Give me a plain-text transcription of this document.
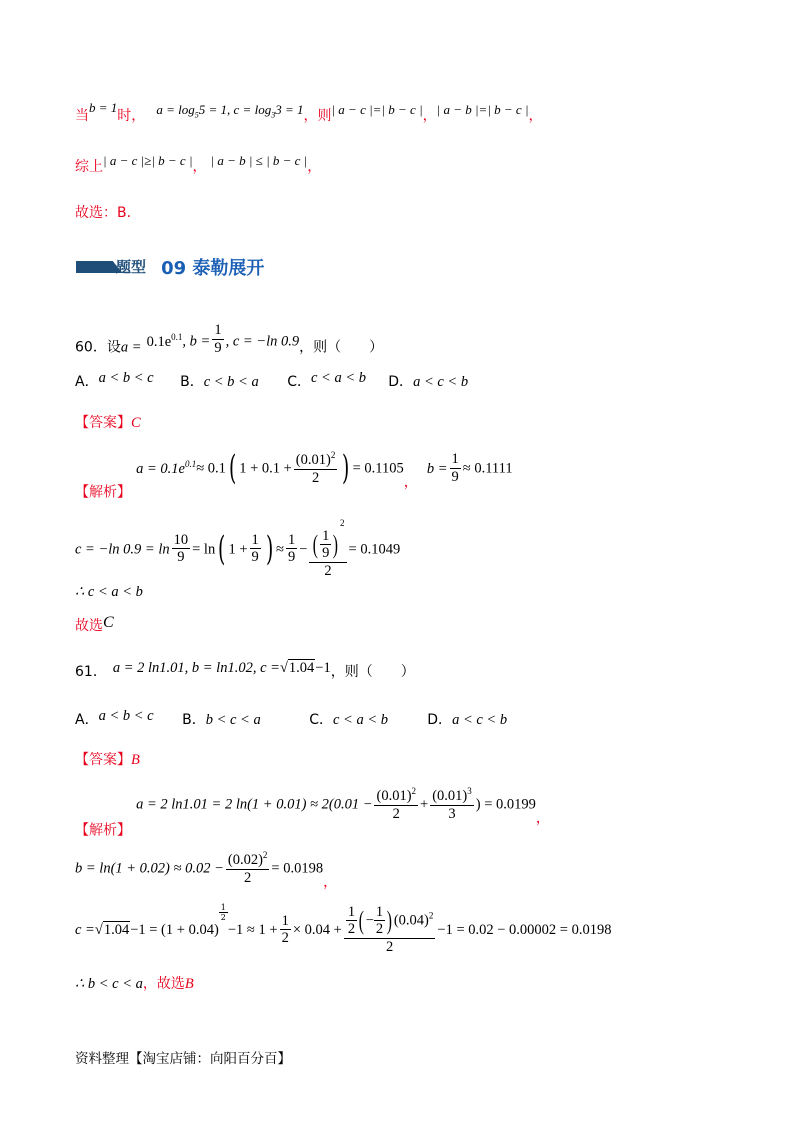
当$^{b = 1}$时， $^{a = log_55 = 1, c = log_33 = 1}$，则$^{| a - c |=| b - c |}$，$^{| a - b |=| b - c |}$，
综上$^{| a - c |\ge| b - c |}$， $^{| a - b | \le | b - c |}$，
故选：B.
题型 09 泰勒展开
60．设$a = 0.1e^{0.1}$, $b = \frac{1}{9}$ , c = −ln 0.9，则（　　）
A．a < b < c B．c < b < a C．c < a < b D．a < c < b
【答案】C
【解析】 $a = 0.1e^{0.1}\approx 0.1$( $1 + 0.1 + \frac{(0.01)^2}{2}$ ) = 0.1105， $b = \frac{1}{9} \approx 0.1111$
c = −ln $0.9 = \ln \frac{10}{9} = \ln$( $1 + \frac{1}{9}$ ) ≈ $\frac{1}{9} - \frac{( \frac{1}{9} )^2}{2} = 0.1049$
∴ c < a < b
故选C
61． a = 2 ln1.01, b = ln1.02, c =√1.04−1，则（　　）
A．a < b < c B．b < c < a	C．c < a < b	D．a < c < b
【答案】B
【解析】 a = 2 ln1.01 = 2 $\ln(1 + 0.01) \approx 2(0.01 - \frac{(0.01)^2}{2} + \frac{(0.01)^3}{3}$ ) = 0.0199，
$b = \ln(1 + 0.02) \approx 0.02 - \frac{(0.02)^2}{2} = 0.0198$，
c =√1.04−1 = (1 + 0.04)
$\frac{1}{2}$
$-1 \approx 1 + \frac{1}{2} \times 0.04 + \frac{\frac{1}{2} ( - \frac{1}{2} ) (0.04)^2}{2} -1 = 0.02 - 0.00002 = 0.0198$
∴ b < c < a，故选B
资料整理【淘宝店铺：向阳百分百】
